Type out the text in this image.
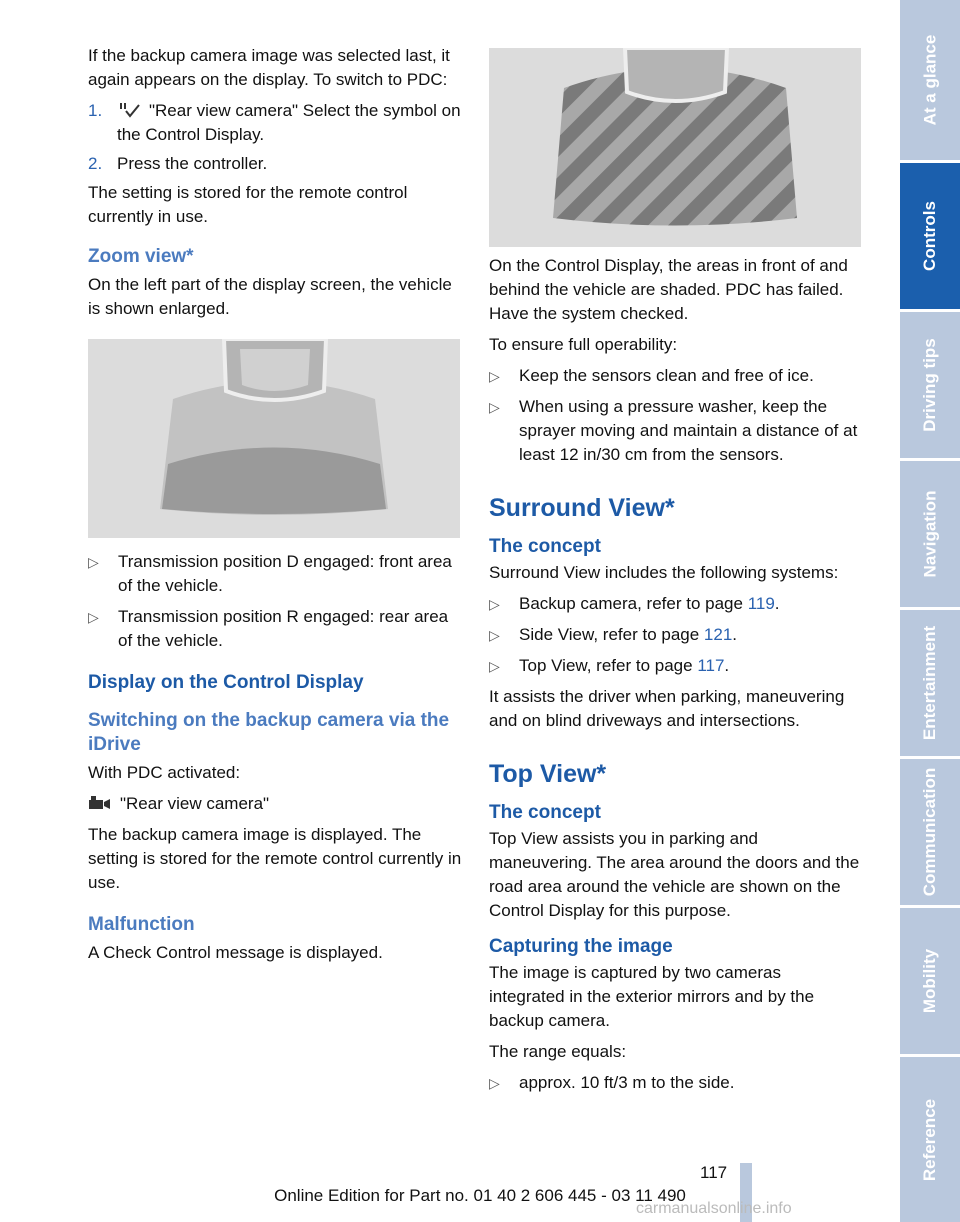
If the backup camera image was selected last, it again appears on the display. To switch to PDC:

1.	"Rear view camera" Select the symbol on the Control Display.
2. Press the controller.

The setting is stored for the remote control currently in use.

Zoom view*

On the left part of the display screen, the vehicle is shown enlarged.

▷	Transmission position D engaged: front area of the vehicle.
▷	Transmission position R engaged: rear area of the vehicle.
Display on the Control Display
Switching on the backup camera via the iDrive

With PDC activated:

"Rear view camera"

The backup camera image is displayed. The setting is stored for the remote control currently in use.

Malfunction

A Check Control message is displayed.

On the Control Display, the areas in front of and behind the vehicle are shaded. PDC has failed. Have the system checked.

To ensure full operability:

▷	Keep the sensors clean and free of ice.
▷	When using a pressure washer, keep the sprayer moving and maintain a distance of at least 12 in/30 cm from the sensors.
Surround View*
The concept

Surround View includes the following systems:

▷	Backup camera, refer to page 119.
▷	Side View, refer to page 121.
▷	Top View, refer to page 117.

It assists the driver when parking, maneuvering and on blind driveways and intersections.

Top View*
The concept

Top View assists you in parking and maneuvering. The area around the doors and the road area around the vehicle are shown on the Control Display for this purpose.

Capturing the image

The image is captured by two cameras integrated in the exterior mirrors and by the backup camera.

The range equals:

▷	approx. 10 ft/3 m to the side.
At a glance
Controls
Driving tips
Navigation
Entertainment
Communication
Mobility
Reference
117
Online Edition for Part no. 01 40 2 606 445 - 03 11 490
carmanualsonline.info
